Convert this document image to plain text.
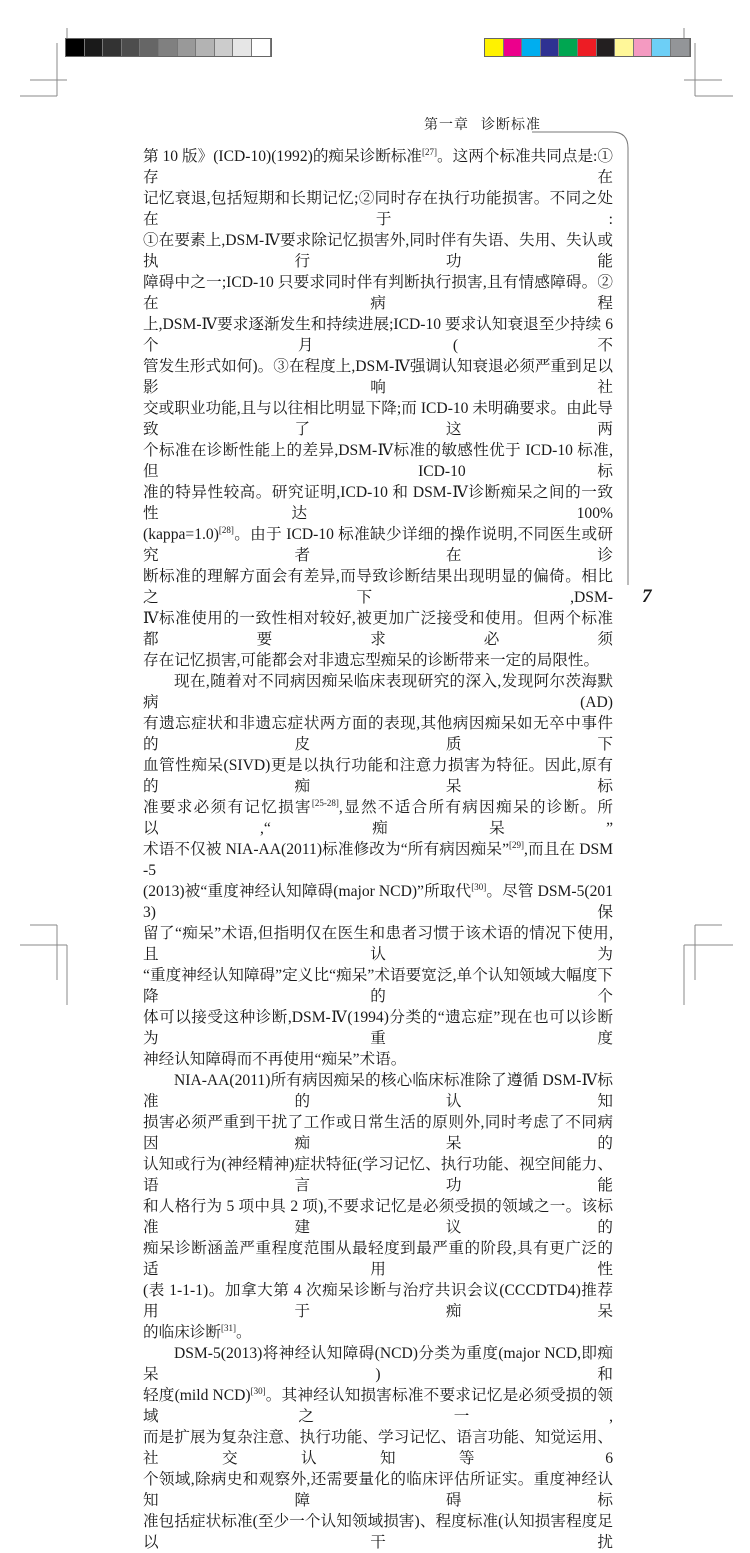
第一章 诊断标准
7
第 10 版》(ICD-10)(1992)的痴呆诊断标准[27]。这两个标准共同点是:①存在
记忆衰退,包括短期和长期记忆;②同时存在执行功能损害。不同之处在于:
①在要素上,DSM-Ⅳ要求除记忆损害外,同时伴有失语、失用、失认或执行功能
障碍中之一;ICD-10 只要求同时伴有判断执行损害,且有情感障碍。②在病程
上,DSM-Ⅳ要求逐渐发生和持续进展;ICD-10 要求认知衰退至少持续 6 个月(不
管发生形式如何)。③在程度上,DSM-Ⅳ强调认知衰退必须严重到足以影响社
交或职业功能,且与以往相比明显下降;而 ICD-10 未明确要求。由此导致了这两
个标准在诊断性能上的差异,DSM-Ⅳ标准的敏感性优于 ICD-10 标准,但 ICD-10 标
准的特异性较高。研究证明,ICD-10 和 DSM-Ⅳ诊断痴呆之间的一致性达 100%
(kappa=1.0)[28]。由于 ICD-10 标准缺少详细的操作说明,不同医生或研究者在诊
断标准的理解方面会有差异,而导致诊断结果出现明显的偏倚。相比之下,DSM-
Ⅳ标准使用的一致性相对较好,被更加广泛接受和使用。但两个标准都要求必须
存在记忆损害,可能都会对非遗忘型痴呆的诊断带来一定的局限性。
现在,随着对不同病因痴呆临床表现研究的深入,发现阿尔茨海默病(AD)
有遗忘症状和非遗忘症状两方面的表现,其他病因痴呆如无卒中事件的皮质下
血管性痴呆(SIVD)更是以执行功能和注意力损害为特征。因此,原有的痴呆标
准要求必须有记忆损害[25-28],显然不适合所有病因痴呆的诊断。所以,“痴呆”
术语不仅被 NIA-AA(2011)标准修改为“所有病因痴呆”[29],而且在 DSM-5
(2013)被“重度神经认知障碍(major NCD)”所取代[30]。尽管 DSM-5(2013)保
留了“痴呆”术语,但指明仅在医生和患者习惯于该术语的情况下使用,且认为
“重度神经认知障碍”定义比“痴呆”术语要宽泛,单个认知领域大幅度下降的个
体可以接受这种诊断,DSM-Ⅳ(1994)分类的“遗忘症”现在也可以诊断为重度
神经认知障碍而不再使用“痴呆”术语。
NIA-AA(2011)所有病因痴呆的核心临床标准除了遵循 DSM-Ⅳ标准的认知
损害必须严重到干扰了工作或日常生活的原则外,同时考虑了不同病因痴呆的
认知或行为(神经精神)症状特征(学习记忆、执行功能、视空间能力、语言功能
和人格行为 5 项中具 2 项),不要求记忆是必须受损的领域之一。该标准建议的
痴呆诊断涵盖严重程度范围从最轻度到最严重的阶段,具有更广泛的适用性
(表 1-1-1)。加拿大第 4 次痴呆诊断与治疗共识会议(CCCDTD4)推荐用于痴呆
的临床诊断[31]。
DSM-5(2013)将神经认知障碍(NCD)分类为重度(major NCD,即痴呆)和
轻度(mild NCD)[30]。其神经认知损害标准不要求记忆是必须受损的领域之一,
而是扩展为复杂注意、执行功能、学习记忆、语言功能、知觉运用、社交认知等 6
个领域,除病史和观察外,还需要量化的临床评估所证实。重度神经认知障碍标
准包括症状标准(至少一个认知领域损害)、程度标准(认知损害程度足以干扰
